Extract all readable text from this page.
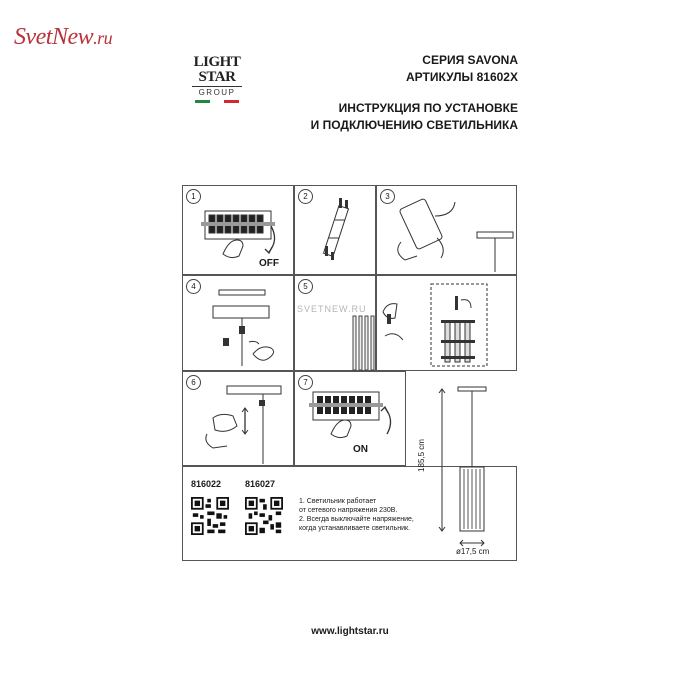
SvetNew.ru
LIGHT
STAR
GROUP
СЕРИЯ SAVONA
АРТИКУЛЫ 81602X
ИНСТРУКЦИЯ ПО УСТАНОВКЕ
И ПОДКЛЮЧЕНИЮ СВЕТИЛЬНИКА
1
OFF
2	3
4	5
SVETNEW.RU
6	7
ON
816022	816027
1. Светильник работает
от сетевого напряжения 230В.
2. Всегда выключайте напряжение,
когда устанавливаете светильник.
185,5 cm
ø17,5 cm
www.lightstar.ru
